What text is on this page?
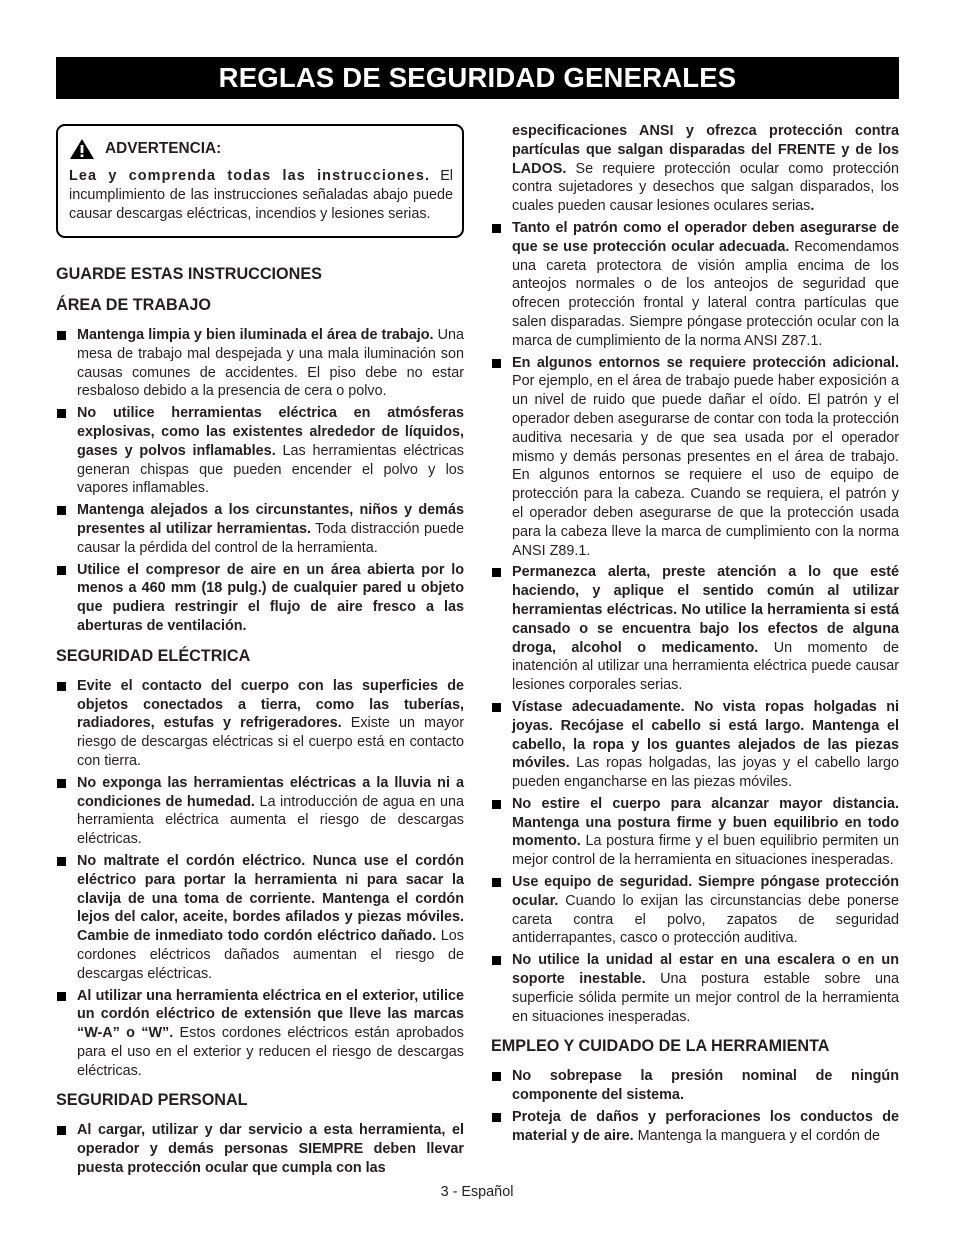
REGLAS DE SEGURIDAD GENERALES
ADVERTENCIA:
Lea y comprenda todas las instrucciones. El incumplimiento de las instrucciones señaladas abajo puede causar descargas eléctricas, incendios y lesiones serias.
GUARDE ESTAS INSTRUCCIONES
ÁREA DE TRABAJO
Mantenga limpia y bien iluminada el área de trabajo. Una mesa de trabajo mal despejada y una mala iluminación son causas comunes de accidentes. El piso debe no estar resbaloso debido a la presencia de cera o polvo.
No utilice herramientas eléctrica en atmósferas explosivas, como las existentes alrededor de líquidos, gases y polvos inflamables. Las herramientas eléctricas generan chispas que pueden encender el polvo y los vapores inflamables.
Mantenga alejados a los circunstantes, niños y demás presentes al utilizar herramientas. Toda distracción puede causar la pérdida del control de la herramienta.
Utilice el compresor de aire en un área abierta por lo menos a 460 mm (18 pulg.) de cualquier pared u objeto que pudiera restringir el flujo de aire fresco a las aberturas de ventilación.
SEGURIDAD ELÉCTRICA
Evite el contacto del cuerpo con las superficies de objetos conectados a tierra, como las tuberías, radiadores, estufas y refrigeradores. Existe un mayor riesgo de descargas eléctricas si el cuerpo está en contacto con tierra.
No exponga las herramientas eléctricas a la lluvia ni a condiciones de humedad. La introducción de agua en una herramienta eléctrica aumenta el riesgo de descargas eléctricas.
No maltrate el cordón eléctrico. Nunca use el cordón eléctrico para portar la herramienta ni para sacar la clavija de una toma de corriente. Mantenga el cordón lejos del calor, aceite, bordes afilados y piezas móviles. Cambie de inmediato todo cordón eléctrico dañado. Los cordones eléctricos dañados aumentan el riesgo de descargas eléctricas.
Al utilizar una herramienta eléctrica en el exterior, utilice un cordón eléctrico de extensión que lleve las marcas “W-A” o “W”. Estos cordones eléctricos están aprobados para el uso en el exterior y reducen el riesgo de descargas eléctricas.
SEGURIDAD PERSONAL
Al cargar, utilizar y dar servicio a esta herramienta, el operador y demás personas SIEMPRE deben llevar puesta protección ocular que cumpla con las
especificaciones ANSI y ofrezca protección contra partículas que salgan disparadas del FRENTE y de los LADOS. Se requiere protección ocular como protección contra sujetadores y desechos que salgan disparados, los cuales pueden causar lesiones oculares serias.
Tanto el patrón como el operador deben asegurarse de que se use protección ocular adecuada. Recomendamos una careta protectora de visión amplia encima de los anteojos normales o de los anteojos de seguridad que ofrecen protección frontal y lateral contra partículas que salen disparadas. Siempre póngase protección ocular con la marca de cumplimiento de la norma ANSI Z87.1.
En algunos entornos se requiere protección adicional. Por ejemplo, en el área de trabajo puede haber exposición a un nivel de ruido que puede dañar el oído. El patrón y el operador deben asegurarse de contar con toda la protección auditiva necesaria y de que sea usada por el operador mismo y demás personas presentes en el área de trabajo. En algunos entornos se requiere el uso de equipo de protección para la cabeza. Cuando se requiera, el patrón y el operador deben asegurarse de que la protección usada para la cabeza lleve la marca de cumplimiento con la norma ANSI Z89.1.
Permanezca alerta, preste atención a lo que esté haciendo, y aplique el sentido común al utilizar herramientas eléctricas. No utilice la herramienta si está cansado o se encuentra bajo los efectos de alguna droga, alcohol o medicamento. Un momento de inatención al utilizar una herramienta eléctrica puede causar lesiones corporales serias.
Vístase adecuadamente. No vista ropas holgadas ni joyas. Recójase el cabello si está largo. Mantenga el cabello, la ropa y los guantes alejados de las piezas móviles. Las ropas holgadas, las joyas y el cabello largo pueden engancharse en las piezas móviles.
No estire el cuerpo para alcanzar mayor distancia. Mantenga una postura firme y buen equilibrio en todo momento. La postura firme y el buen equilibrio permiten un mejor control de la herramienta en situaciones inesperadas.
Use equipo de seguridad. Siempre póngase protección ocular. Cuando lo exijan las circunstancias debe ponerse careta contra el polvo, zapatos de seguridad antiderrapantes, casco o protección auditiva.
No utilice la unidad al estar en una escalera o en un soporte inestable. Una postura estable sobre una superficie sólida permite un mejor control de la herramienta en situaciones inesperadas.
EMPLEO Y CUIDADO DE LA HERRAMIENTA
No sobrepase la presión nominal de ningún componente del sistema.
Proteja de daños y perforaciones los conductos de material y de aire. Mantenga la manguera y el cordón de
3 - Español
